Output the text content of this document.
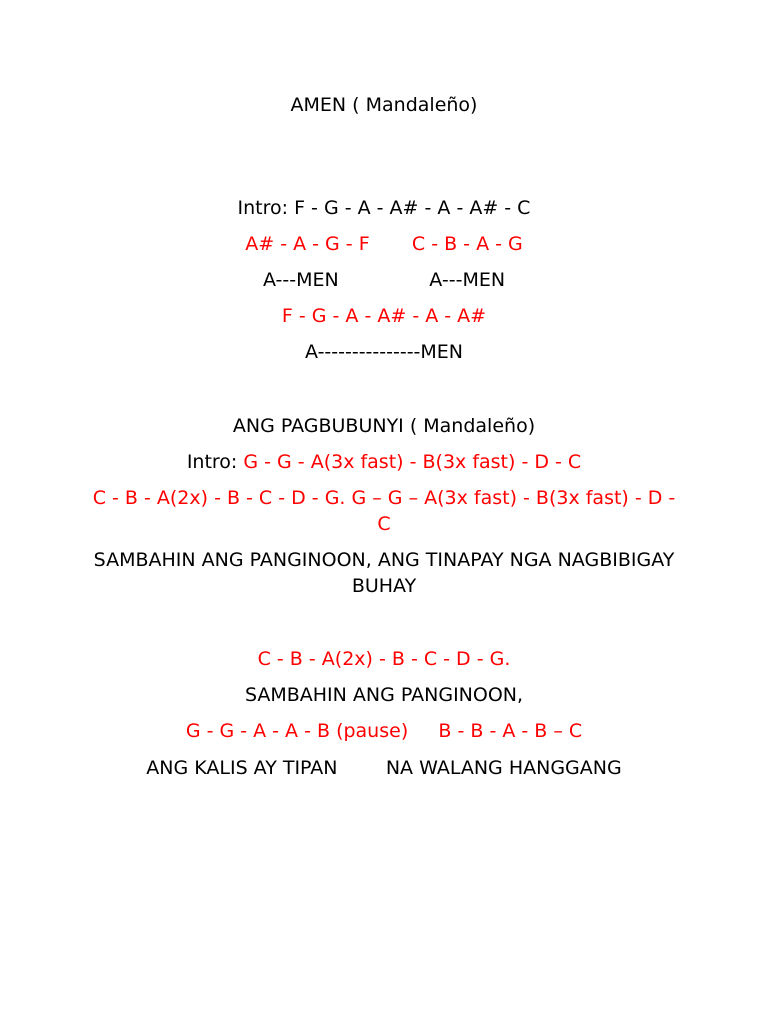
AMEN ( Mandaleño)
Intro: F - G - A - A# - A - A# - C
A# - A - G - F       C - B - A - G
A---MEN               A---MEN
F - G - A - A# - A - A#
A---------------MEN
ANG PAGBUBUNYI ( Mandaleño)
Intro: G - G - A(3x fast) - B(3x fast) - D - C
C - B - A(2x) - B - C - D - G. G – G – A(3x fast) - B(3x fast) - D - C
SAMBAHIN ANG PANGINOON, ANG TINAPAY NGA NAGBIBIGAY BUHAY
C - B - A(2x) - B - C - D - G.
SAMBAHIN ANG PANGINOON,
G - G - A - A - B (pause)     B - B - A - B – C
ANG KALIS AY TIPAN        NA WALANG HANGGANG
